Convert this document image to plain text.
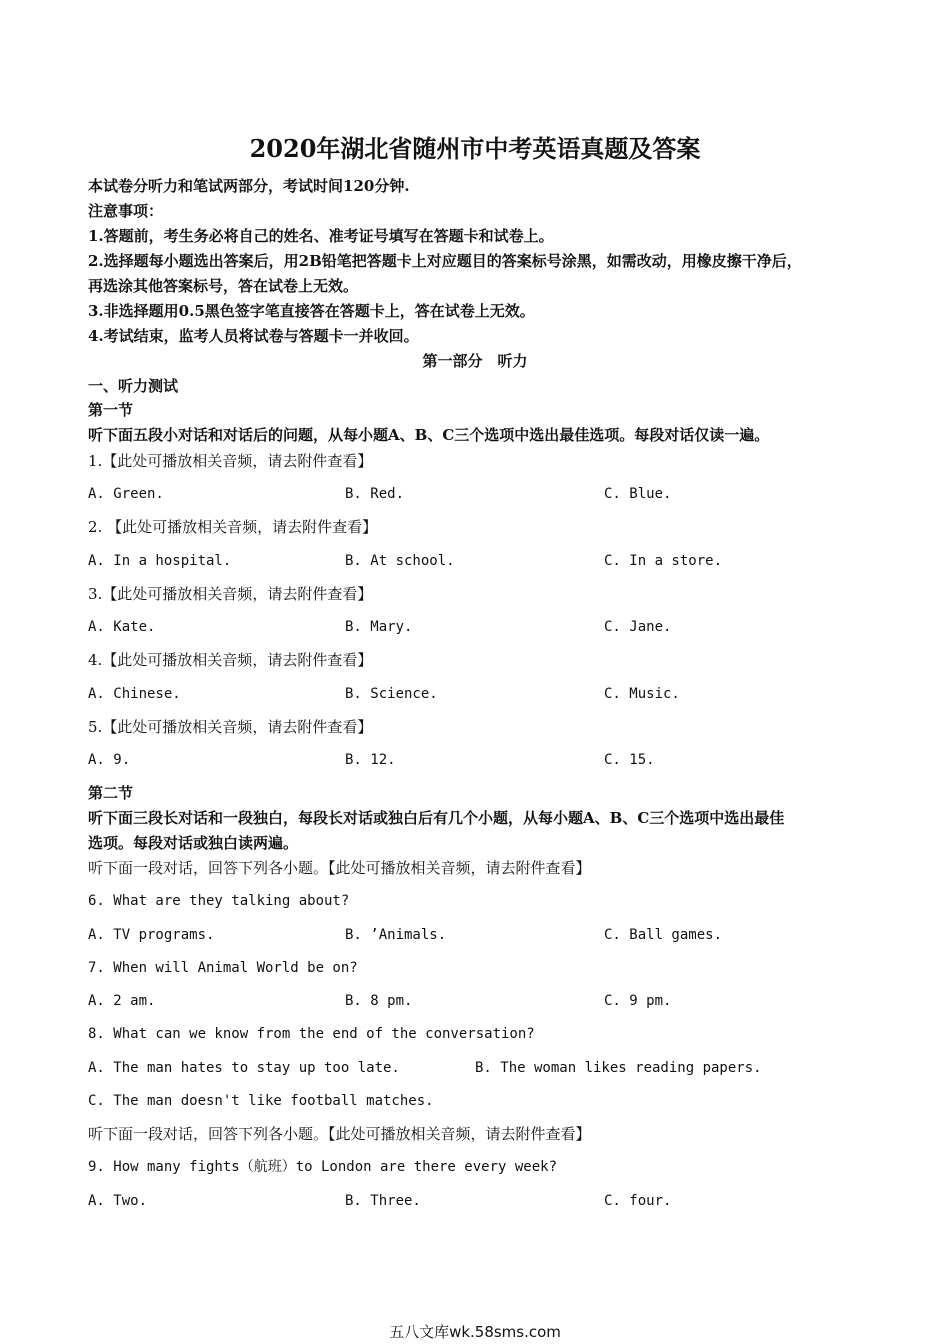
2020年湖北省随州市中考英语真题及答案
本试卷分听力和笔试两部分，考试时间120分钟.
注意事项：
1.答题前，考生务必将自己的姓名、准考证号填写在答题卡和试卷上。
2.选择题每小题选出答案后，用2B铅笔把答题卡上对应题目的答案标号涂黑，如需改动，用橡皮擦干净后，
再选涂其他答案标号，答在试卷上无效。
3.非选择题用0.5黑色签字笔直接答在答题卡上，答在试卷上无效。
4.考试结束，监考人员将试卷与答题卡一并收回。
第一部分　听力
一、听力测试
第一节
听下面五段小对话和对话后的问题，从每小题A、B、C三个选项中选出最佳选项。每段对话仅读一遍。
1.【此处可播放相关音频，请去附件查看】
A. Green.	B. Red.	C. Blue.
2. 【此处可播放相关音频，请去附件查看】
A. In a hospital.	B. At school.	C. In a store.
3.【此处可播放相关音频，请去附件查看】
A. Kate.	B. Mary.	C. Jane.
4.【此处可播放相关音频，请去附件查看】
A. Chinese.	B. Science.	C. Music.
5.【此处可播放相关音频，请去附件查看】
A. 9.	B. 12.	C. 15.
第二节
听下面三段长对话和一段独白，每段长对话或独白后有几个小题，从每小题A、B、C三个选项中选出最佳
选项。每段对话或独白读两遍。
听下面一段对话，回答下列各小题。【此处可播放相关音频，请去附件查看】
6. What are they talking about?
A. TV programs.	B. ’Animals.	C. Ball games.
7. When will Animal World be on?
A. 2 am.	B. 8 pm.	C. 9 pm.
8. What can we know from the end of the conversation?
A. The man hates to stay up too late.	B. The woman likes reading papers.
C. The man doesn't like football matches.
听下面一段对话，回答下列各小题。【此处可播放相关音频，请去附件查看】
9. How many fights（航班）to London are there every week?
A. Two.	B. Three.	C. four.
五八文库wk.58sms.com
